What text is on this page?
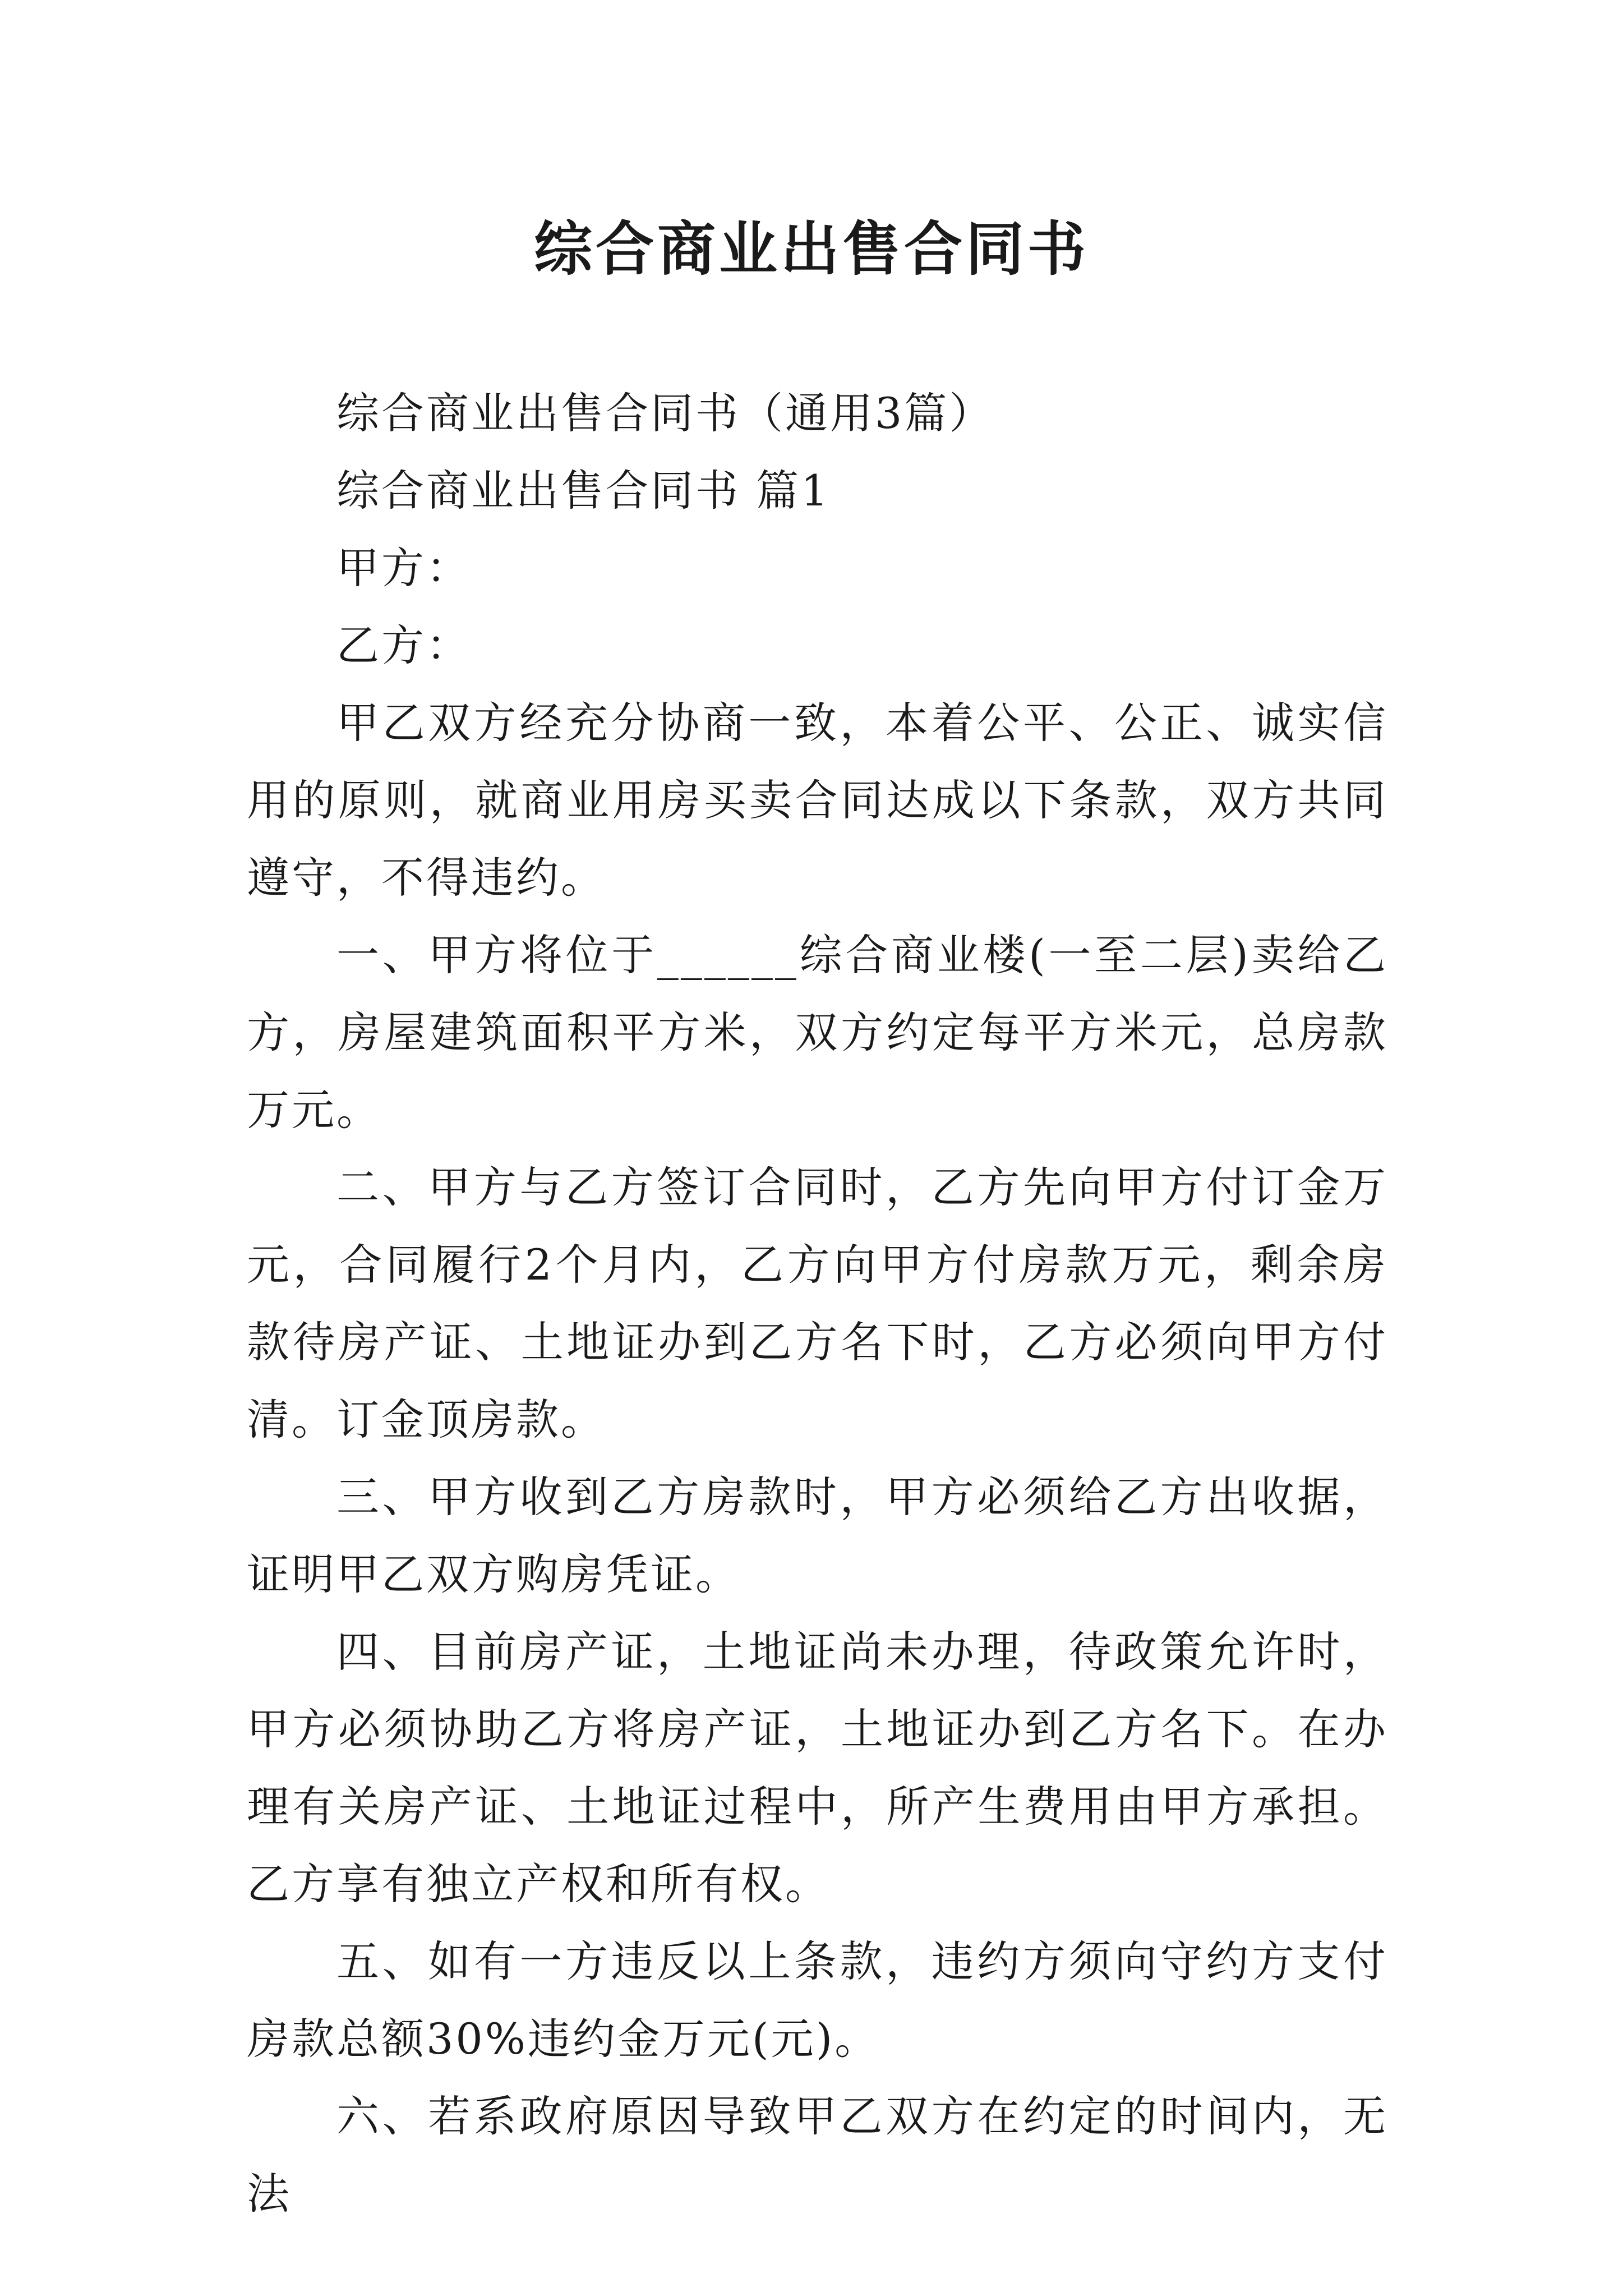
综合商业出售合同书

综合商业出售合同书（通用3篇）

综合商业出售合同书 篇1

甲方：

乙方：

甲乙双方经充分协商一致，本着公平、公正、诚实信用的原则，就商业用房买卖合同达成以下条款，双方共同遵守，不得违约。

一、甲方将位于______综合商业楼(一至二层)卖给乙方，房屋建筑面积平方米，双方约定每平方米元，总房款万元。

二、甲方与乙方签订合同时，乙方先向甲方付订金万元，合同履行2个月内，乙方向甲方付房款万元，剩余房款待房产证、土地证办到乙方名下时，乙方必须向甲方付清。订金顶房款。

三、甲方收到乙方房款时，甲方必须给乙方出收据，证明甲乙双方购房凭证。

四、目前房产证，土地证尚未办理，待政策允许时，甲方必须协助乙方将房产证，土地证办到乙方名下。在办理有关房产证、土地证过程中，所产生费用由甲方承担。乙方享有独立产权和所有权。

五、如有一方违反以上条款，违约方须向守约方支付房款总额30%违约金万元(元)。

六、若系政府原因导致甲乙双方在约定的时间内，无法
